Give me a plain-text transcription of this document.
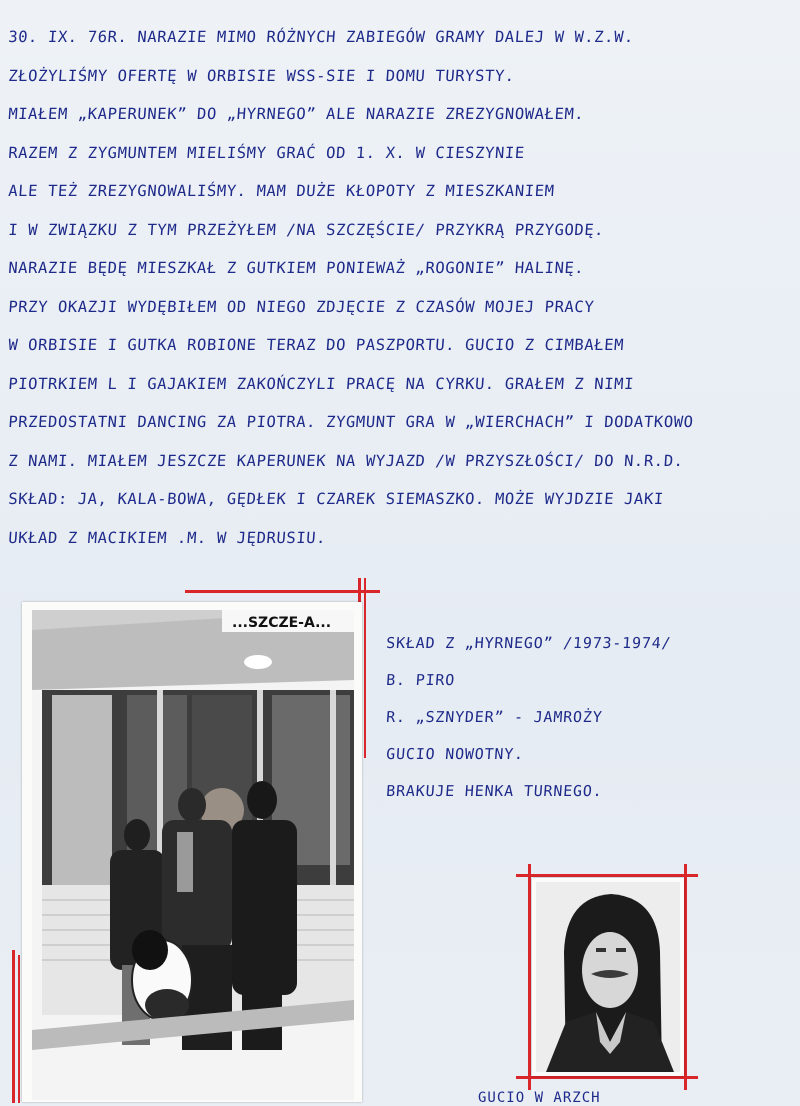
30. IX. 76R. NARAZIE MIMO RÓŻNYCH ZABIEGÓW GRAMY DALEJ W W.Z.W.
ZŁOŻYLIŚMY OFERTĘ W ORBISIE WSS-SIE I DOMU TURYSTY.
MIAŁEM „KAPERUNEK” DO „HYRNEGO” ALE NARAZIE ZREZYGNOWAŁEM.
RAZEM Z ZYGMUNTEM MIELIŚMY GRAĆ OD 1. X. W CIESZYNIE
ALE TEŻ ZREZYGNOWALIŚMY. MAM DUŻE KŁOPOTY Z MIESZKANIEM
I W ZWIĄZKU Z TYM PRZEŻYŁEM /NA SZCZĘŚCIE/ PRZYKRĄ PRZYGODĘ.
NARAZIE BĘDĘ MIESZKAŁ Z GUTKIEM PONIEWAŻ „ROGONIE” HALINĘ.
PRZY OKAZJI WYDĘBIŁEM OD NIEGO ZDJĘCIE Z CZASÓW MOJEJ PRACY
W ORBISIE I GUTKA ROBIONE TERAZ DO PASZPORTU. GUCIO Z CIMBAŁEM
PIOTRKIEM L I GAJAKIEM ZAKOŃCZYLI PRACĘ NA CYRKU. GRAŁEM Z NIMI
PRZEDOSTATNI DANCING ZA PIOTRA. ZYGMUNT GRA W „WIERCHACH” I DODATKOWO
Z NAMI. MIAŁEM JESZCZE KAPERUNEK NA WYJAZD /W PRZYSZŁOŚCI/ DO N.R.D.
SKŁAD: JA, KALA-BOWA, GĘDŁEK I CZAREK SIEMASZKO. MOŻE WYJDZIE JAKI
UKŁAD Z MACIKIEM .M. W JĘDRUSIU.
...SZCZE-A...
SKŁAD Z „HYRNEGO” /1973-1974/
B. PIRO
R. „SZNYDER” - JAMROŻY
GUCIO NOWOTNY.
BRAKUJE HENKA TURNEGO.
GUCIO W ARZCH
